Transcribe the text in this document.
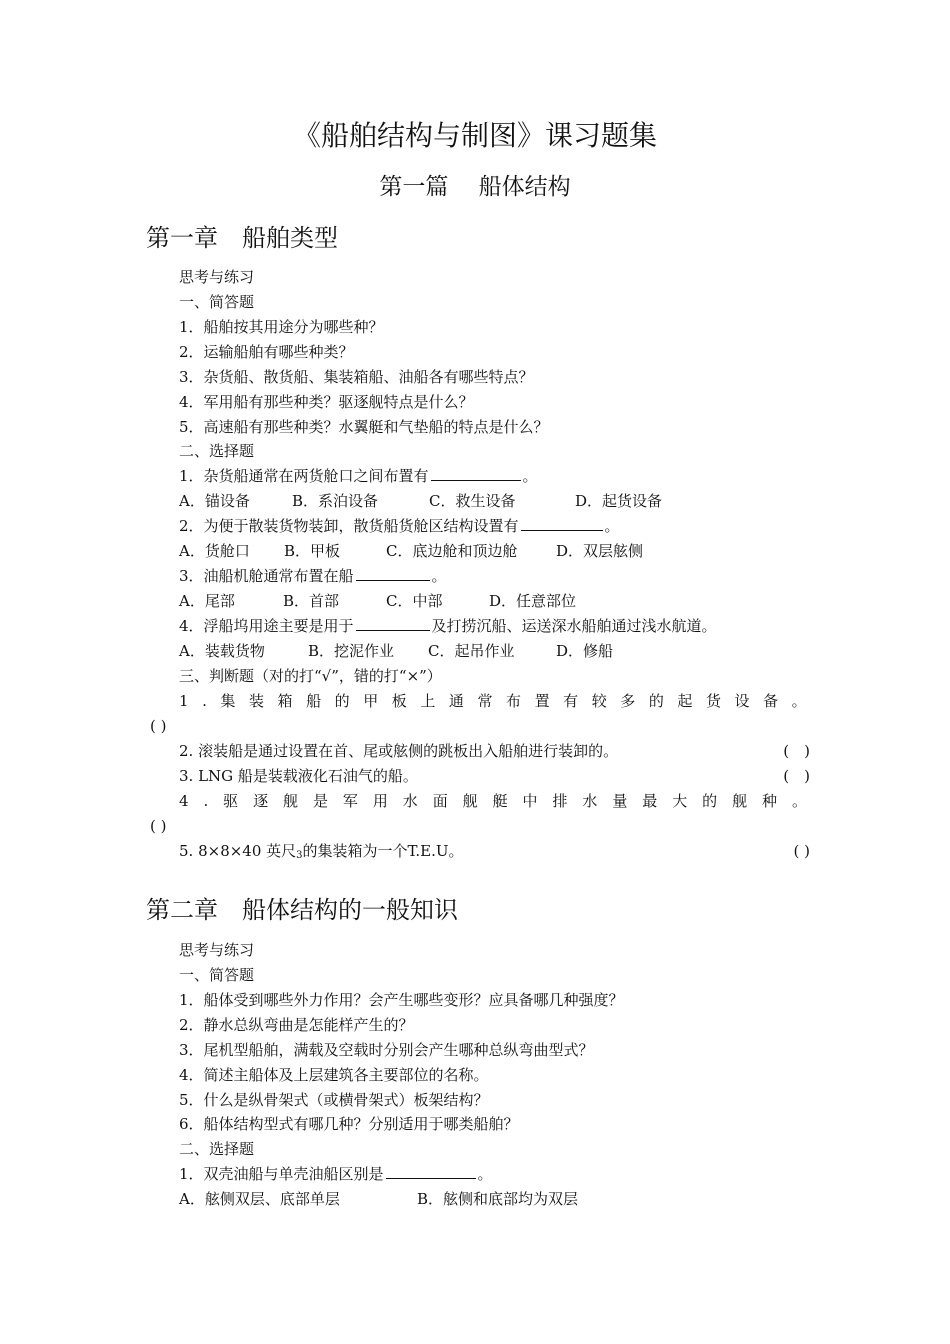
《船舶结构与制图》课习题集
第一篇　 船体结构
第一章　船舶类型
思考与练习
一、简答题
1．船舶按其用途分为哪些种？
2．运输船舶有哪些种类？
3．杂货船、散货船、集装箱船、油船各有哪些特点？
4．军用船有那些种类？驱逐舰特点是什么？
5．高速船有那些种类？水翼艇和气垫船的特点是什么？
二、选择题
1．杂货船通常在两货舱口之间布置有	。
A．锚设备	B．系泊设备	C．救生设备	D．起货设备
2．为便于散装货物装卸，散货船货舱区结构设置有	。
A．货舱口 B．甲板	C．底边舱和顶边舱	D．双层舷侧
3．油船机舱通常布置在船	。
A．尾部	B．首部	C．中部	D．任意部位
4．浮船坞用途主要是用于	及打捞沉船、运送深水船舶通过浅水航道。
A．装载货物	B．挖泥作业 C．起吊作业	D．修船
三、判断题（对的打“√”，错的打“×”）
1 . 集 装 箱 船 的 甲 板 上 通 常 布 置 有 较 多 的 起 货 设 备 。
( )
2. 滚装船是通过设置在首、尾或舷侧的跳板出入船舶进行装卸的。	(　)
3. LNG 船是装载液化石油气的船。	(　)
4 . 驱 逐 舰 是 军 用 水 面 舰 艇 中 排 水 量 最 大 的 舰 种 。
( )
5. 8×8×40 英尺$_3$的集装箱为一个T.E.U。	( )
第二章　船体结构的一般知识
思考与练习
一、简答题
1．船体受到哪些外力作用？会产生哪些变形？应具备哪几种强度？
2．静水总纵弯曲是怎能样产生的？
3．尾机型船舶，满载及空载时分别会产生哪种总纵弯曲型式？
4．简述主船体及上层建筑各主要部位的名称。
5．什么是纵骨架式（或横骨架式）板架结构？
6．船体结构型式有哪几种？分别适用于哪类船舶？
二、选择题
1．双壳油船与单壳油船区别是	。
A．舷侧双层、底部单层	B．舷侧和底部均为双层
